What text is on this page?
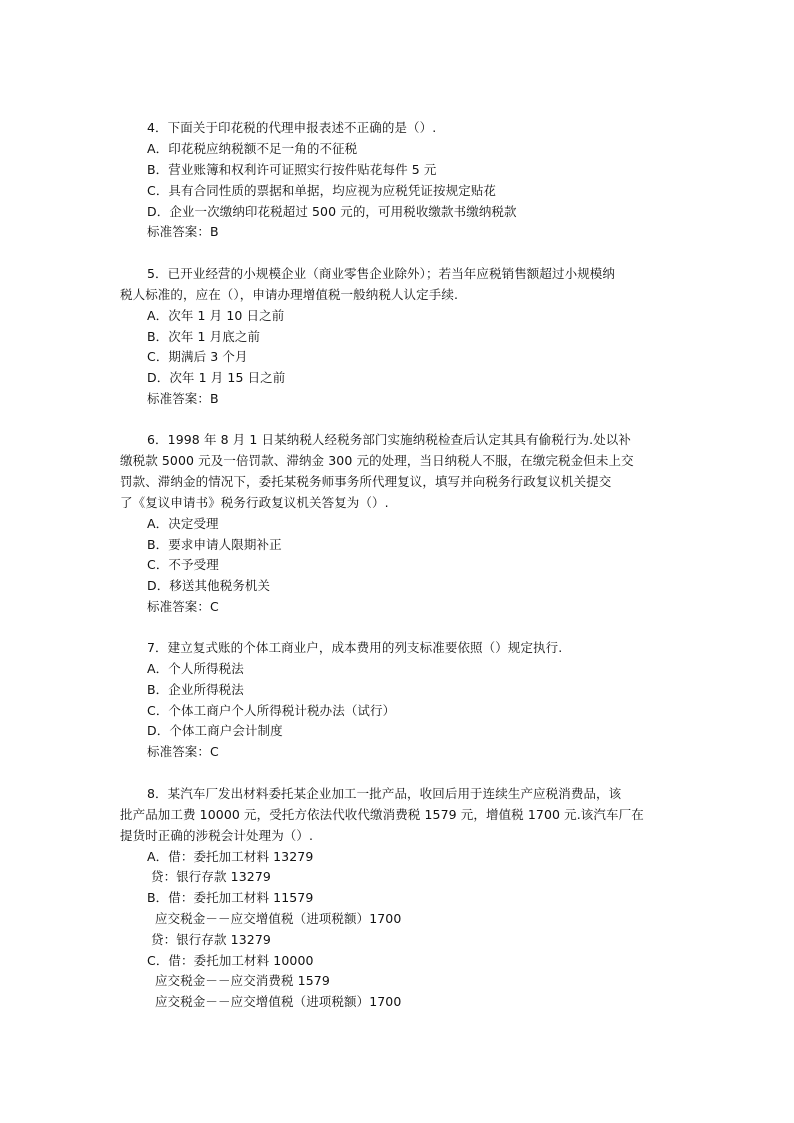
4．下面关于印花税的代理申报表述不正确的是（）.
A．印花税应纳税额不足一角的不征税
B．营业账簿和权利许可证照实行按件贴花每件 5 元
C．具有合同性质的票据和单据，均应视为应税凭证按规定贴花
D．企业一次缴纳印花税超过 500 元的，可用税收缴款书缴纳税款
标准答案：B
5．已开业经营的小规模企业（商业零售企业除外）；若当年应税销售额超过小规模纳
税人标准的，应在（），申请办理增值税一般纳税人认定手续.
A．次年 1 月 10 日之前
B．次年 1 月底之前
C．期满后 3 个月
D．次年 1 月 15 日之前
标准答案：B
6．1998 年 8 月 1 日某纳税人经税务部门实施纳税检查后认定其具有偷税行为.处以补
缴税款 5000 元及一倍罚款、滞纳金 300 元的处理，当日纳税人不服，在缴完税金但未上交
罚款、滞纳金的情况下，委托某税务师事务所代理复议，填写并向税务行政复议机关提交
了《复议申请书》税务行政复议机关答复为（）.
A．决定受理
B．要求申请人限期补正
C．不予受理
D．移送其他税务机关
标准答案：C
7．建立复式账的个体工商业户，成本费用的列支标准要依照（）规定执行.
A．个人所得税法
B．企业所得税法
C．个体工商户个人所得税计税办法（试行）
D．个体工商户会计制度
标准答案：C
8．某汽车厂发出材料委托某企业加工一批产品，收回后用于连续生产应税消费品，该
批产品加工费 10000 元，受托方依法代收代缴消费税 1579 元，增值税 1700 元.该汽车厂在
提货时正确的涉税会计处理为（）.
A．借：委托加工材料 13279
贷：银行存款 13279
B．借：委托加工材料 11579
应交税金－－应交增值税（进项税额）1700
贷：银行存款 13279
C．借：委托加工材料 10000
应交税金－－应交消费税 1579
应交税金－－应交增值税（进项税额）1700
